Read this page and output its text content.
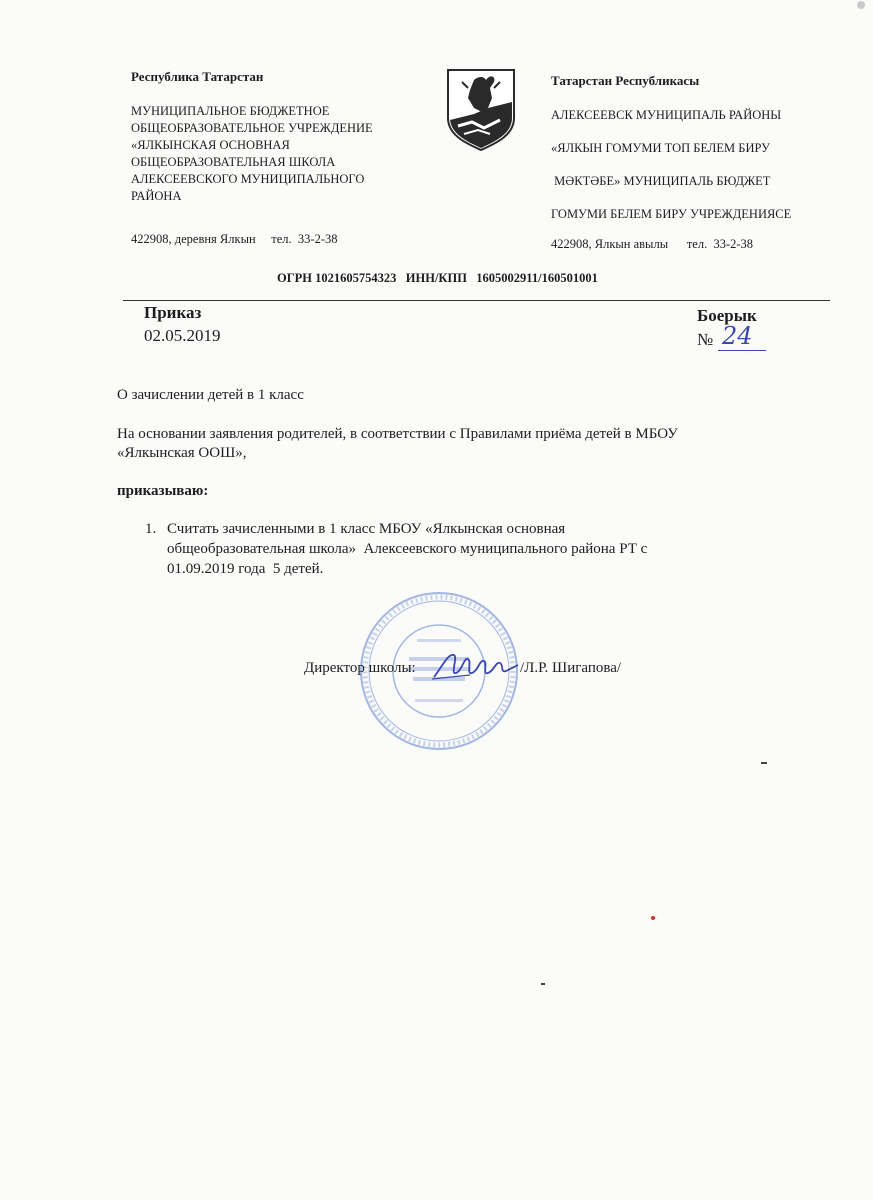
Республика Татарстан
МУНИЦИПАЛЬНОЕ БЮДЖЕТНОЕ
ОБЩЕОБРАЗОВАТЕЛЬНОЕ УЧРЕЖДЕНИЕ
«ЯЛКЫНСКАЯ ОСНОВНАЯ
ОБЩЕОБРАЗОВАТЕЛЬНАЯ ШКОЛА
АЛЕКСЕЕВСКОГО МУНИЦИПАЛЬНОГО
РАЙОНА
422908, деревня Ялкын     тел.  33-2-38
Татарстан Республикасы
АЛЕКСЕЕВСК МУНИЦИПАЛЬ РАЙОНЫ
«ЯЛКЫН ГОМУМИ ТОП БЕЛЕМ БИРУ
МӘКТӘБЕ» МУНИЦИПАЛЬ БЮДЖЕТ
ГОМУМИ БЕЛЕМ БИРУ УЧРЕЖДЕНИЯСЕ
422908, Ялкын авылы      тел.  33-2-38
ОГРН 1021605754323   ИНН/КПП   1605002911/160501001
Приказ
02.05.2019
Боерык
№ 24
О зачислении детей в 1 класс
На основании заявления родителей, в соответствии с Правилами приёма детей в МБОУ
«Ялкынская ООШ»,
приказываю:
1. Считать зачисленными в 1 класс МБОУ «Ялкынская основная
общеобразовательная школа»  Алексеевского муниципального района РТ с
01.09.2019 года  5 детей.
Директор школы:	/Л.Р. Шигапова/
